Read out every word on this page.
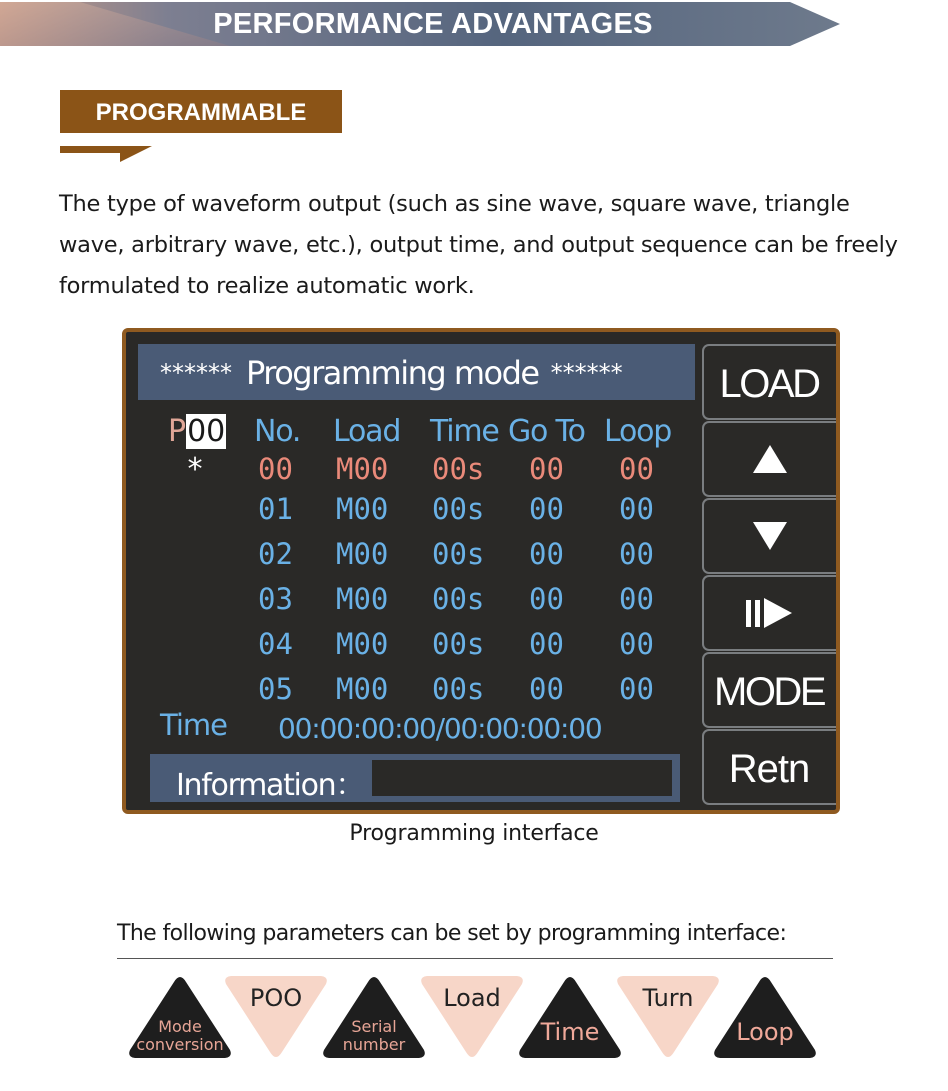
PERFORMANCE ADVANTAGES
PROGRAMMABLE

The type of waveform output (such as sine wave, square wave, triangle wave, arbitrary wave, etc.), output time, and output sequence can be freely formulated to realize automatic work.

****** Programming mode ******
P00 No. Load Time Go To Loop
* 00 M00 00s 00 00
01 M00 00s 00 00
02 M00 00s 00 00
03 M00 00s 00 00
04 M00 00s 00 00
05 M00 00s 00 00
Time 00:00:00:00/00:00:00:00
Information：
LOAD
MODE
Retn
Programming interface
The following parameters can be set by programming interface:
Mode
conversion
POO
Serial
number
Load
Time
Turn
Loop
